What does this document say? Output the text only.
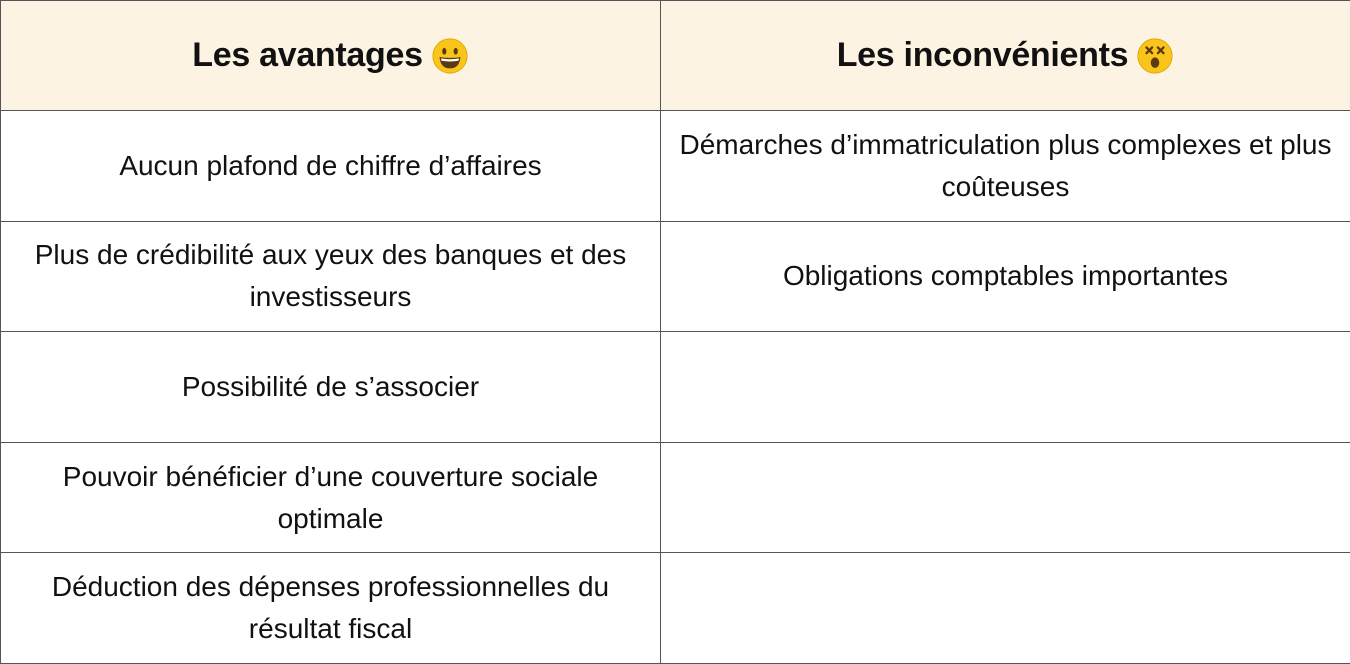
Les avantages	Les inconvénients

Aucun plafond de chiffre d’affaires	Démarches d’immatriculation plus complexes et plus coûteuses
Plus de crédibilité aux yeux des banques et des investisseurs	Obligations comptables importantes
Possibilité de s’associer	
Pouvoir bénéficier d’une couverture sociale optimale	
Déduction des dépenses professionnelles du résultat fiscal	
